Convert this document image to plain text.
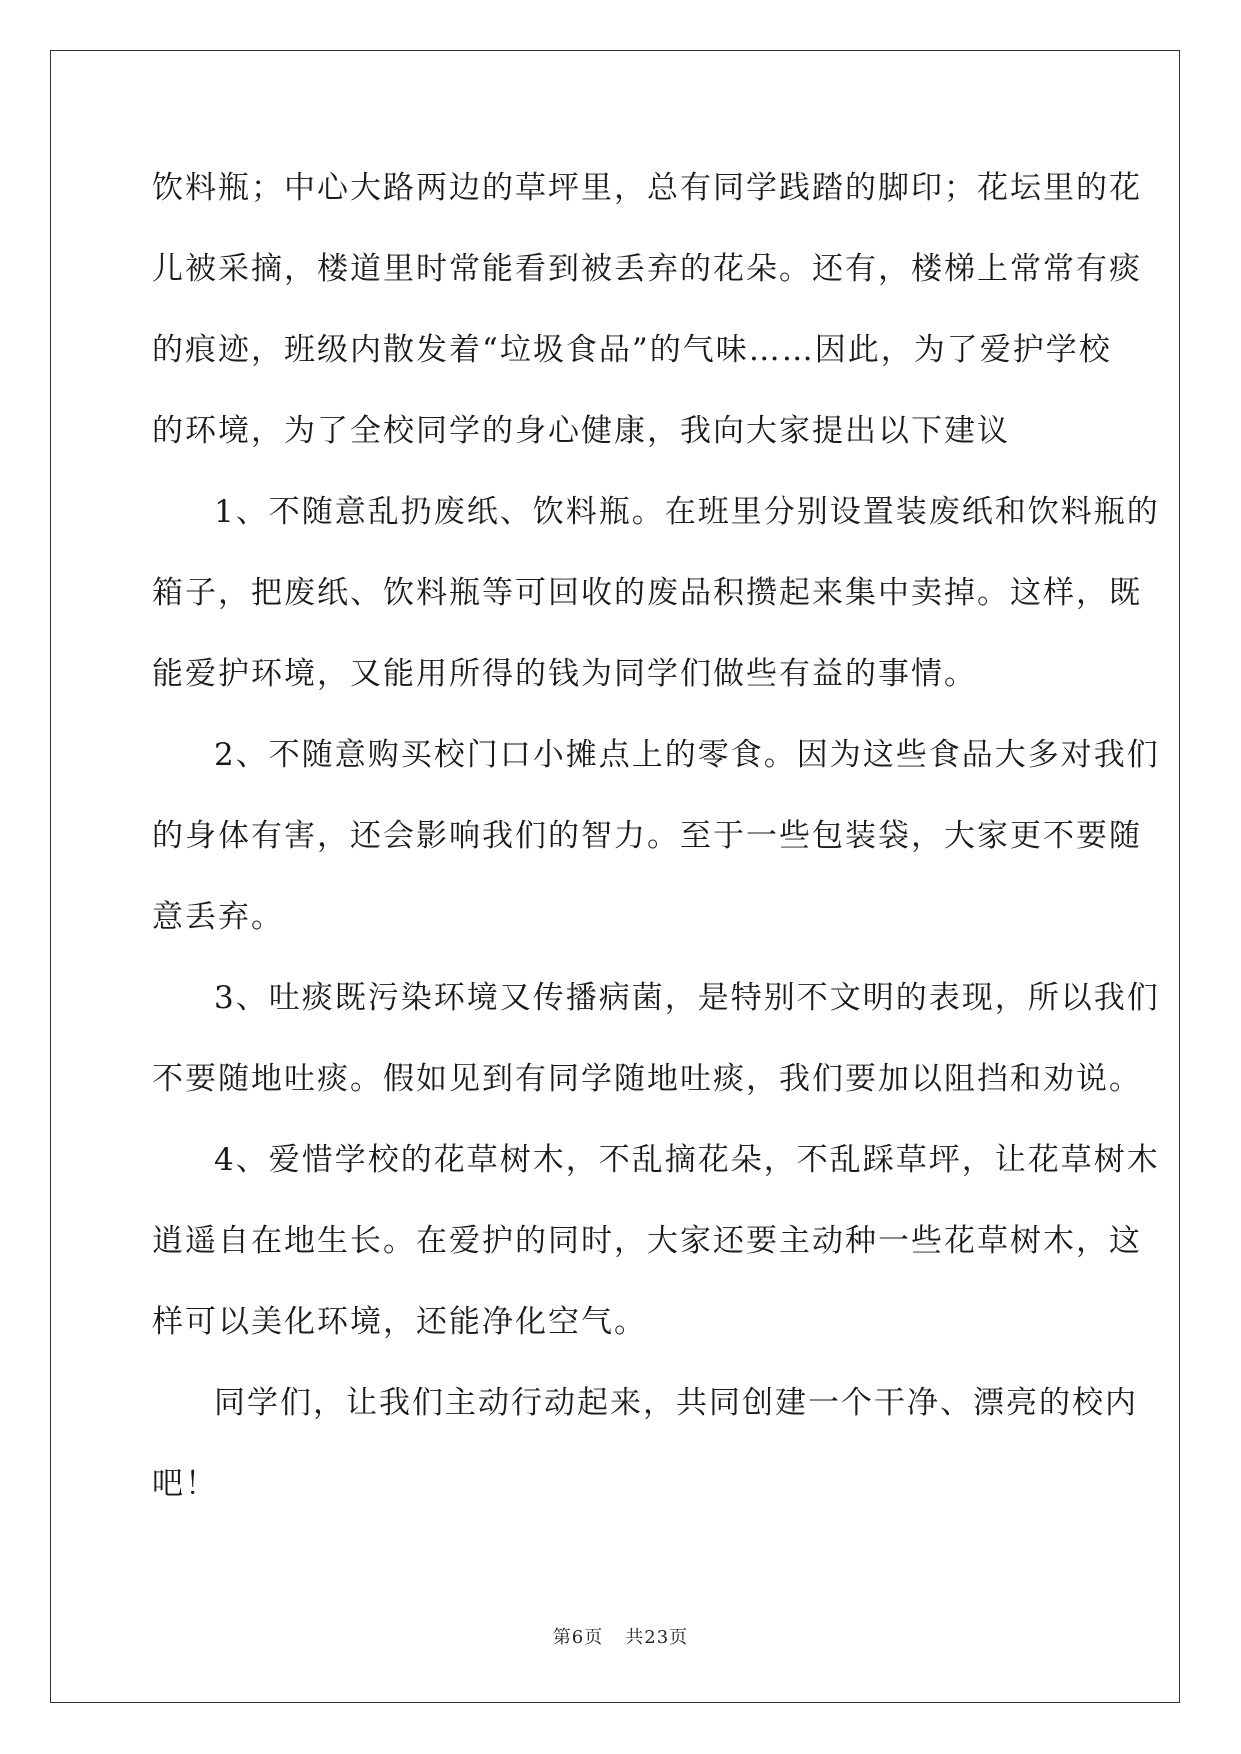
饮料瓶；中心大路两边的草坪里，总有同学践踏的脚印；花坛里的花
儿被采摘，楼道里时常能看到被丢弃的花朵。还有，楼梯上常常有痰
的痕迹，班级内散发着“垃圾食品”的气味……因此，为了爱护学校
的环境，为了全校同学的身心健康，我向大家提出以下建议
1、不随意乱扔废纸、饮料瓶。在班里分别设置装废纸和饮料瓶的
箱子，把废纸、饮料瓶等可回收的废品积攒起来集中卖掉。这样，既
能爱护环境，又能用所得的钱为同学们做些有益的事情。
2、不随意购买校门口小摊点上的零食。因为这些食品大多对我们
的身体有害，还会影响我们的智力。至于一些包装袋，大家更不要随
意丢弃。
3、吐痰既污染环境又传播病菌，是特别不文明的表现，所以我们
不要随地吐痰。假如见到有同学随地吐痰，我们要加以阻挡和劝说。
4、爱惜学校的花草树木，不乱摘花朵，不乱踩草坪，让花草树木
逍遥自在地生长。在爱护的同时，大家还要主动种一些花草树木，这
样可以美化环境，还能净化空气。
同学们，让我们主动行动起来，共同创建一个干净、漂亮的校内
吧！
第6页 共23页
